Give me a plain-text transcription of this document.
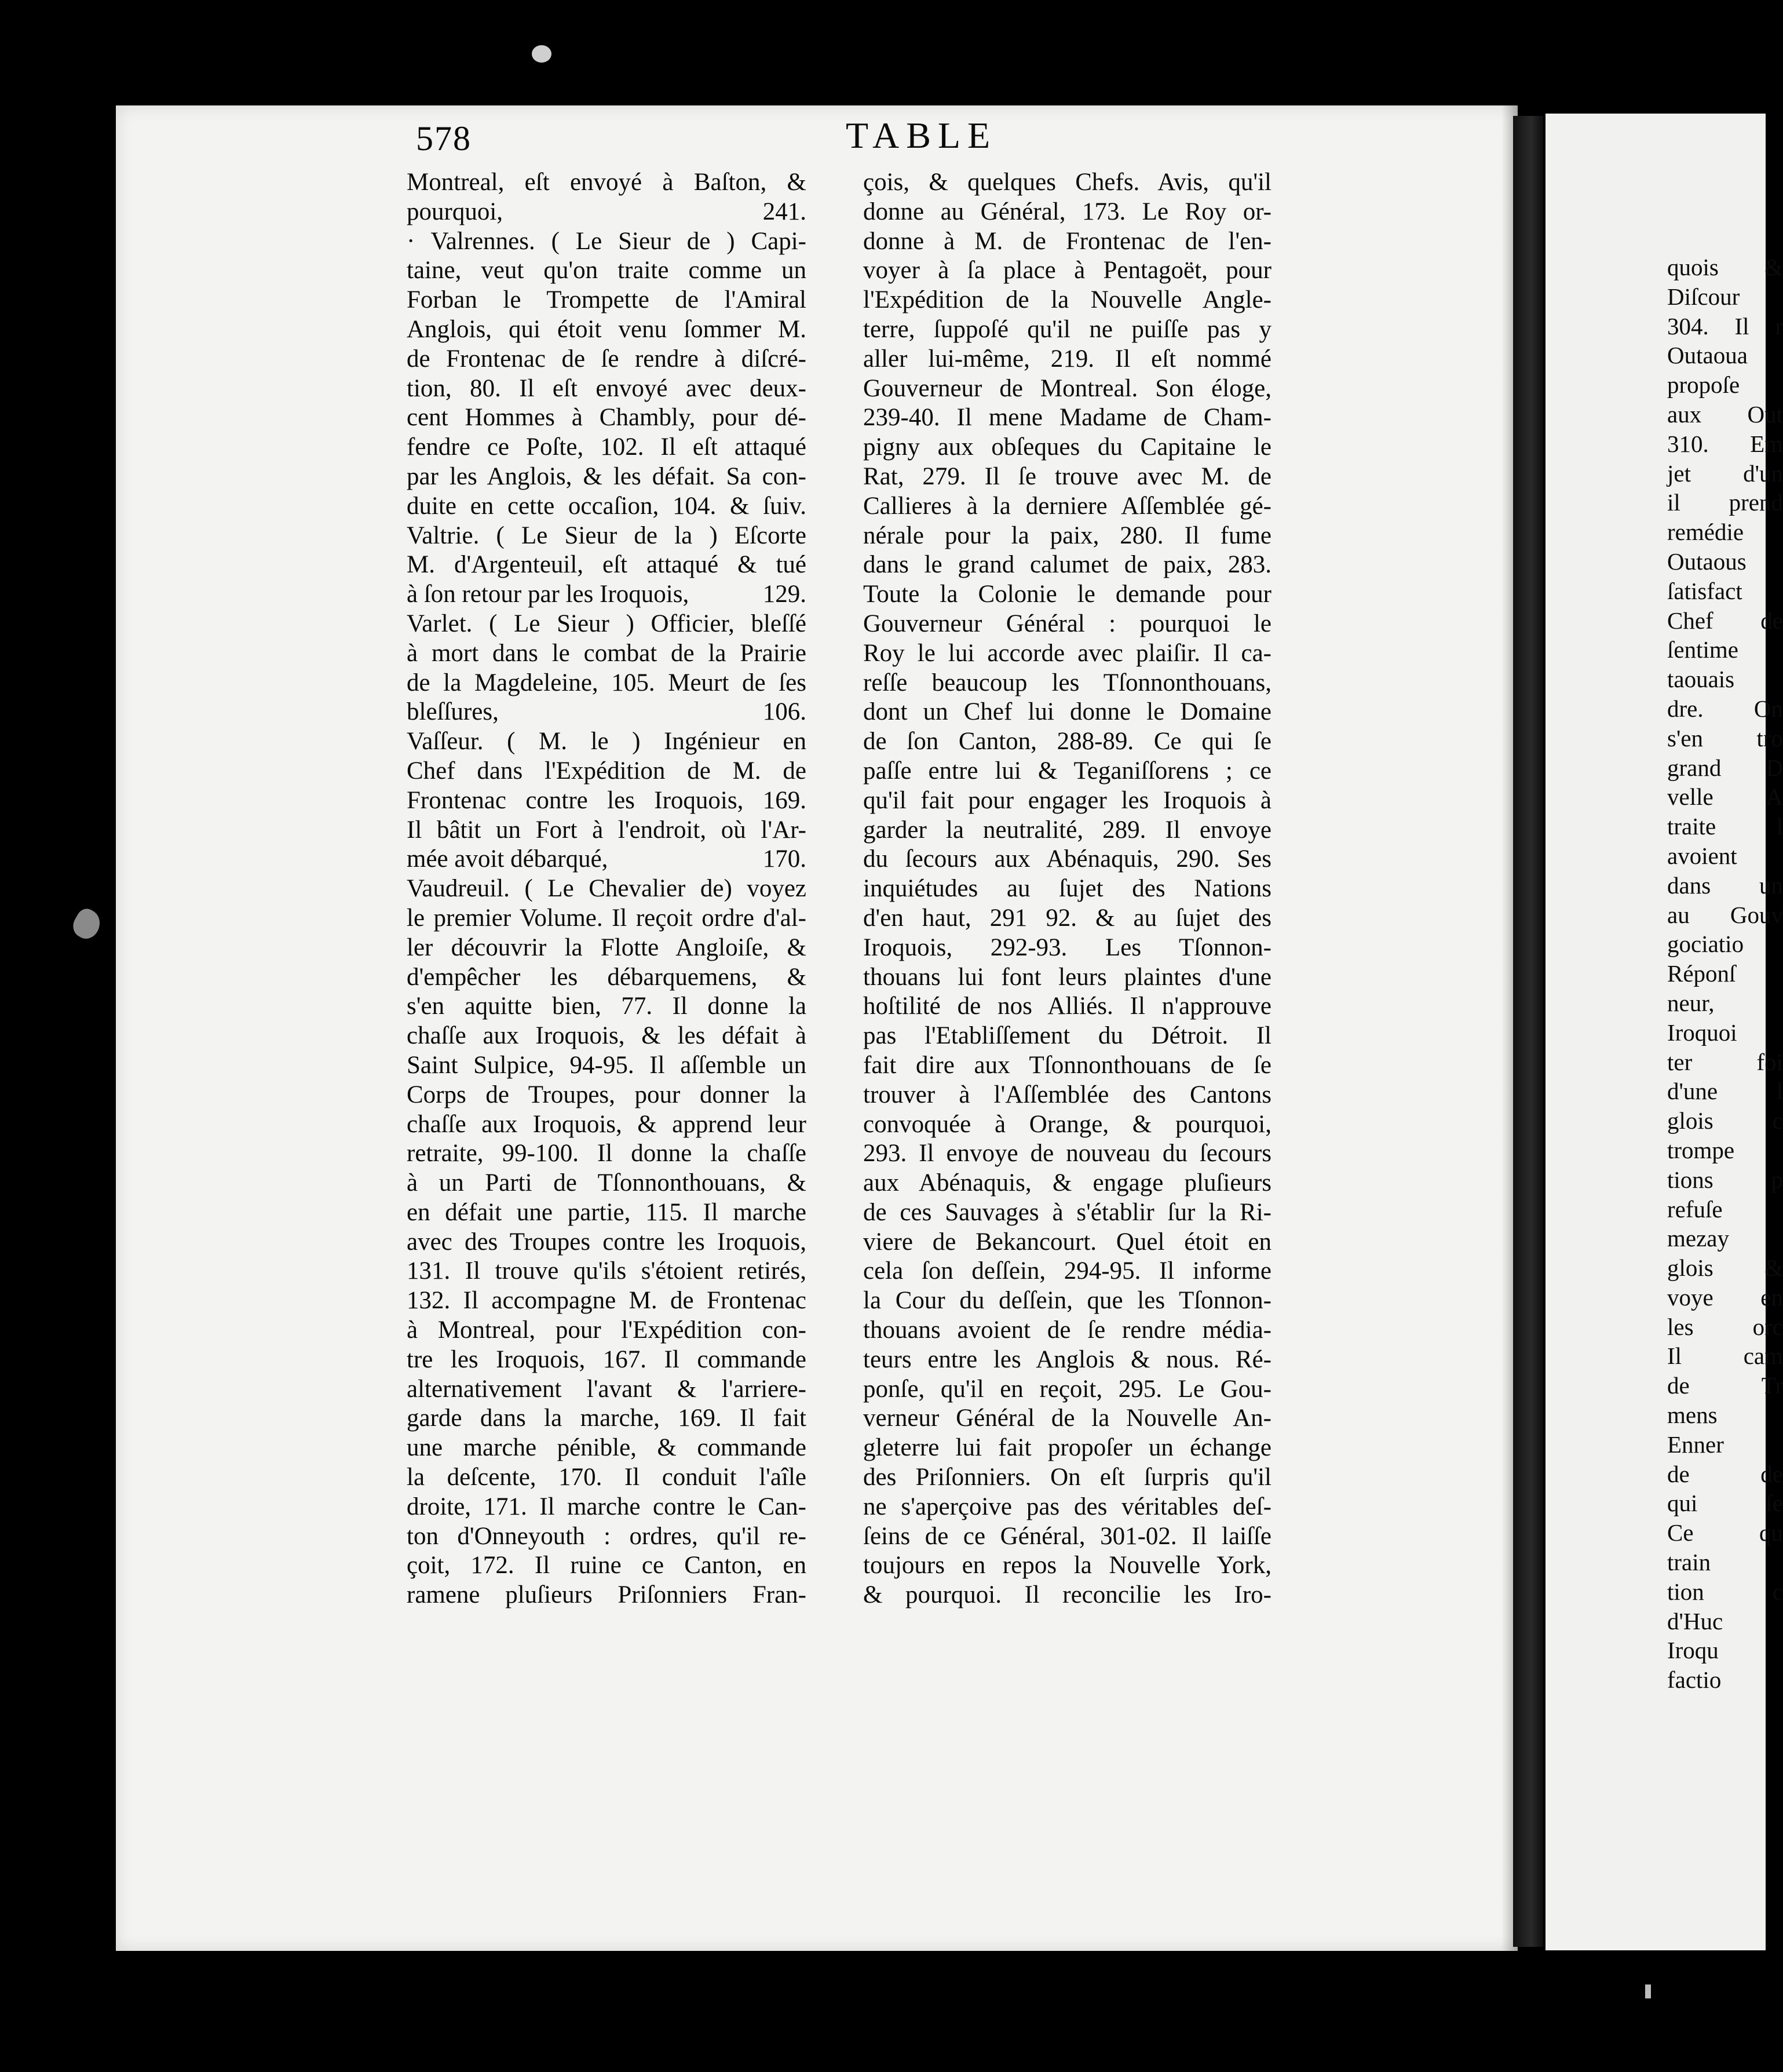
578	TABLE
Montreal, eſt envoyé à Baſton, &
pourquoi,	241.
· Valrennes. ( Le Sieur de ) Capi-
taine, veut qu'on traite comme un
Forban le Trompette de l'Amiral
Anglois, qui étoit venu ſommer M.
de Frontenac de ſe rendre à diſcré-
tion, 80. Il eſt envoyé avec deux-
cent Hommes à Chambly, pour dé-
fendre ce Poſte, 102. Il eſt attaqué
par les Anglois, & les défait. Sa con-
duite en cette occaſion, 104. & ſuiv.
Valtrie. ( Le Sieur de la ) Eſcorte
M. d'Argenteuil, eſt attaqué & tué
à ſon retour par les Iroquois,	129.
Varlet. ( Le Sieur ) Officier, bleſſé
à mort dans le combat de la Prairie
de la Magdeleine, 105. Meurt de ſes
bleſſures,	106.
Vaſſeur. ( M. le ) Ingénieur en
Chef dans l'Expédition de M. de
Frontenac contre les Iroquois, 169.
Il bâtit un Fort à l'endroit, où l'Ar-
mée avoit débarqué,	170.
Vaudreuil. ( Le Chevalier de) voyez
le premier Volume. Il reçoit ordre d'al-
ler découvrir la Flotte Angloiſe, &
d'empêcher les débarquemens, &
s'en aquitte bien, 77. Il donne la
chaſſe aux Iroquois, & les défait à
Saint Sulpice, 94-95. Il aſſemble un
Corps de Troupes, pour donner la
chaſſe aux Iroquois, & apprend leur
retraite, 99-100. Il donne la chaſſe
à un Parti de Tſonnonthouans, &
en défait une partie, 115. Il marche
avec des Troupes contre les Iroquois,
131. Il trouve qu'ils s'étoient retirés,
132. Il accompagne M. de Frontenac
à Montreal, pour l'Expédition con-
tre les Iroquois, 167. Il commande
alternativement l'avant & l'arriere-
garde dans la marche, 169. Il fait
une marche pénible, & commande
la deſcente, 170. Il conduit l'aîle
droite, 171. Il marche contre le Can-
ton d'Onneyouth : ordres, qu'il re-
çoit, 172. Il ruine ce Canton, en
ramene pluſieurs Priſonniers Fran-
çois, & quelques Chefs. Avis, qu'il
donne au Général, 173. Le Roy or-
donne à M. de Frontenac de l'en-
voyer à ſa place à Pentagoët, pour
l'Expédition de la Nouvelle Angle-
terre, ſuppoſé qu'il ne puiſſe pas y
aller lui-même, 219. Il eſt nommé
Gouverneur de Montreal. Son éloge,
239-40. Il mene Madame de Cham-
pigny aux obſeques du Capitaine le
Rat, 279. Il ſe trouve avec M. de
Callieres à la derniere Aſſemblée gé-
nérale pour la paix, 280. Il fume
dans le grand calumet de paix, 283.
Toute la Colonie le demande pour
Gouverneur Général : pourquoi le
Roy le lui accorde avec plaiſir. Il ca-
reſſe beaucoup les Tſonnonthouans,
dont un Chef lui donne le Domaine
de ſon Canton, 288-89. Ce qui ſe
paſſe entre lui & Teganiſſorens ; ce
qu'il fait pour engager les Iroquois à
garder la neutralité, 289. Il envoye
du ſecours aux Abénaquis, 290. Ses
inquiétudes au ſujet des Nations
d'en haut, 291 92. & au ſujet des
Iroquois, 292-93. Les Tſonnon-
thouans lui font leurs plaintes d'une
hoſtilité de nos Alliés. Il n'approuve
pas l'Etabliſſement du Détroit. Il
fait dire aux Tſonnonthouans de ſe
trouver à l'Aſſemblée des Cantons
convoquée à Orange, & pourquoi,
293. Il envoye de nouveau du ſecours
aux Abénaquis, & engage pluſieurs
de ces Sauvages à s'établir ſur la Ri-
viere de Bekancourt. Quel étoit en
cela ſon deſſein, 294-95. Il informe
la Cour du deſſein, que les Tſonnon-
thouans avoient de ſe rendre média-
teurs entre les Anglois & nous. Ré-
ponſe, qu'il en reçoit, 295. Le Gou-
verneur Général de la Nouvelle An-
gleterre lui fait propoſer un échange
des Priſonniers. On eſt ſurpris qu'il
ne s'aperçoive pas des véritables deſ-
ſeins de ce Général, 301-02. Il laiſſe
toujours en repos la Nouvelle York,
& pourquoi. Il reconcilie les Iro-
quois &
Diſcour
304. Il r
Outaoua
propoſe
aux Out
310. Em
jet d'un
il prend
remédie
Outaous
ſatisfact
Chef de
ſentime
taouais
dre. On
s'en tro
grand D
velle A
traite l
avoient
dans un
au Gouv
gociatio
Réponſ
neur,
Iroquoi
ter foi
d'une l
glois c
trompe
tions p
refuſe
mezay
glois &
voye en
les orc
Il cam
de Tr
mens
Enner
de de
qui ſe
Ce qu
train
tion c
d'Huc
Iroqu
factio
